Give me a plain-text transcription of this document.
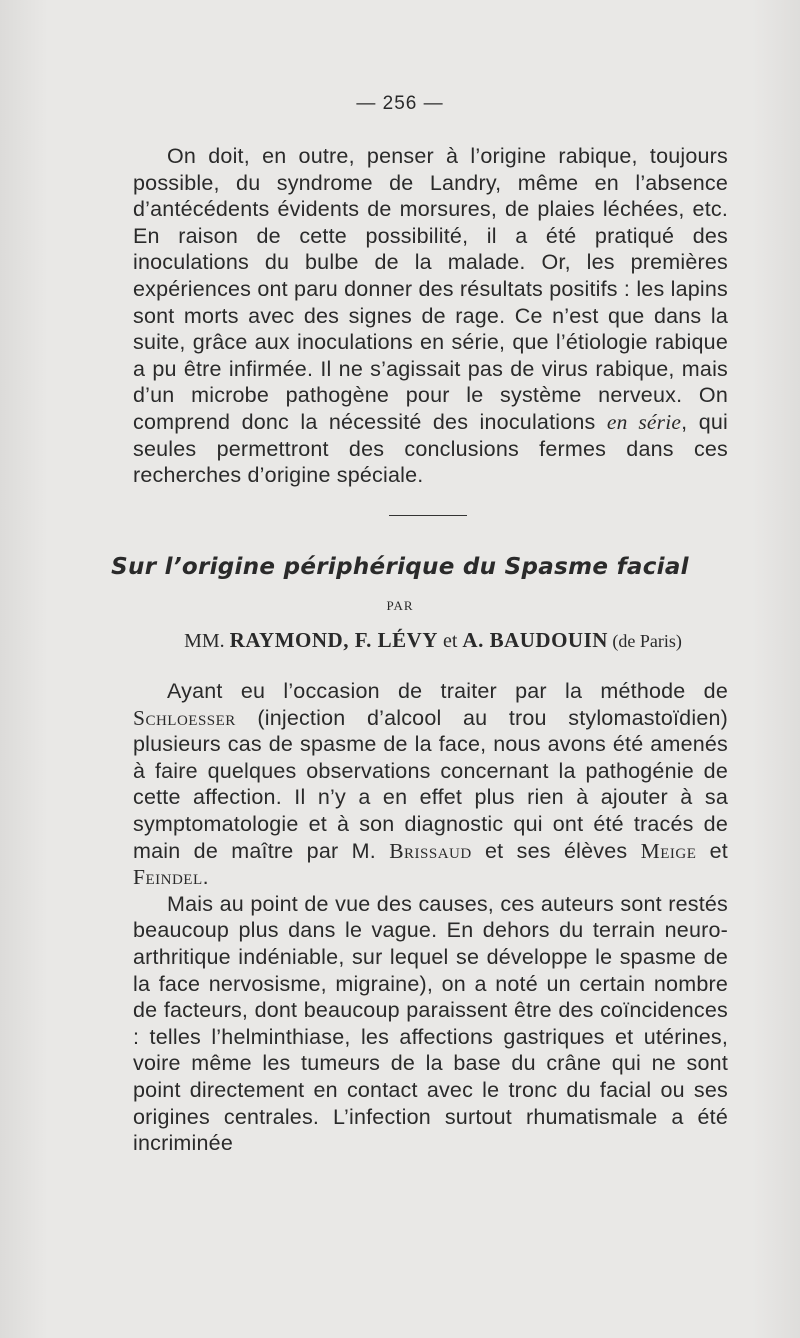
— 256 —

On doit, en outre, penser à l’origine rabique, toujours possible, du syndrome de Landry, même en l’absence d’antécédents évidents de morsures, de plaies léchées, etc. En raison de cette possibilité, il a été pratiqué des inoculations du bulbe de la malade. Or, les premières expériences ont paru donner des résultats positifs : les lapins sont morts avec des signes de rage. Ce n’est que dans la suite, grâce aux inoculations en série, que l’étiologie rabique a pu être infirmée. Il ne s’agissait pas de virus rabique, mais d’un microbe pathogène pour le système nerveux. On comprend donc la nécessité des inoculations en série, qui seules permettront des conclusions fermes dans ces recherches d’origine spéciale.

Sur l’origine périphérique du Spasme facial
PAR
MM. RAYMOND, F. LÉVY et A. BAUDOUIN (de Paris)

Ayant eu l’occasion de traiter par la méthode de Schloesser (injection d’alcool au trou stylomastoïdien) plusieurs cas de spasme de la face, nous avons été amenés à faire quelques observations concernant la pathogénie de cette affection. Il n’y a en effet plus rien à ajouter à sa symptomatologie et à son diagnostic qui ont été tracés de main de maître par M. Brissaud et ses élèves Meige et Feindel.

Mais au point de vue des causes, ces auteurs sont restés beaucoup plus dans le vague. En dehors du terrain neuro-arthritique indéniable, sur lequel se développe le spasme de la face nervosisme, migraine), on a noté un certain nombre de facteurs, dont beaucoup paraissent être des coïncidences : telles l’helminthiase, les affections gastriques et utérines, voire même les tumeurs de la base du crâne qui ne sont point directement en contact avec le tronc du facial ou ses origines centrales. L’infection surtout rhumatismale a été incriminée
